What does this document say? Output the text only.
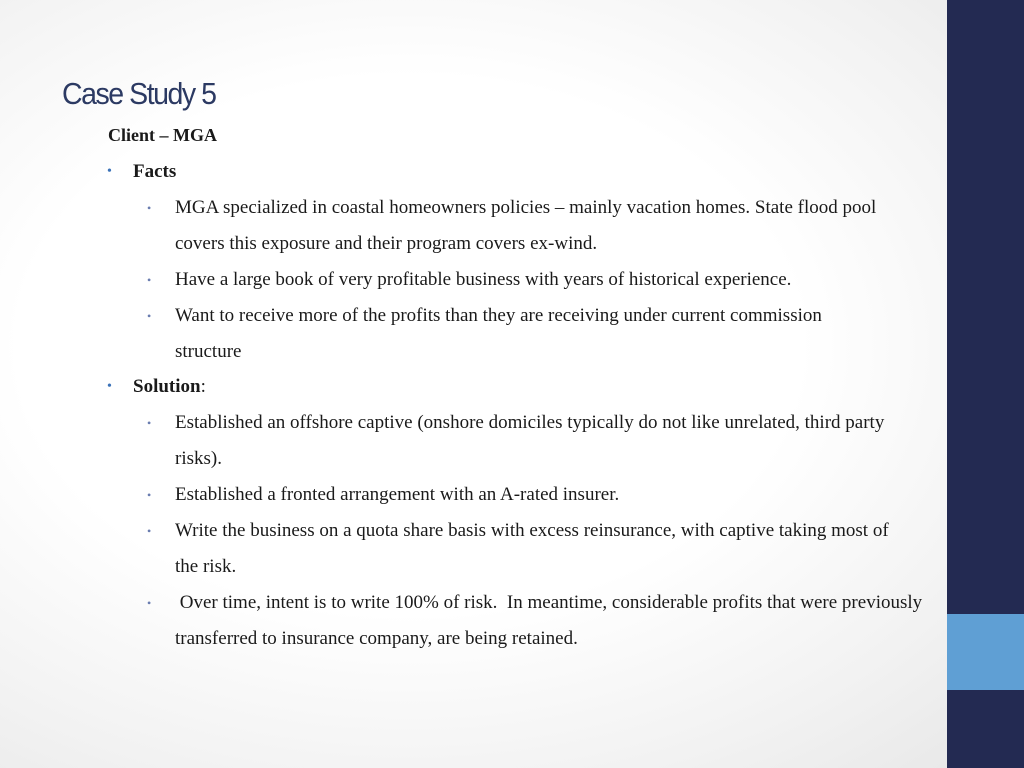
Case Study 5
Client – MGA
• Facts
• MGA specialized in coastal homeowners policies – mainly vacation homes. State flood pool covers this exposure and their program covers ex-wind.
• Have a large book of very profitable business with years of historical experience.
• Want to receive more of the profits than they are receiving under current commission structure
• Solution:
• Established an offshore captive (onshore domiciles typically do not like unrelated, third party risks).
• Established a fronted arrangement with an A-rated insurer.
• Write the business on a quota share basis with excess reinsurance, with captive taking most of the risk.
• Over time, intent is to write 100% of risk.  In meantime, considerable profits that were previously transferred to insurance company, are being retained.
